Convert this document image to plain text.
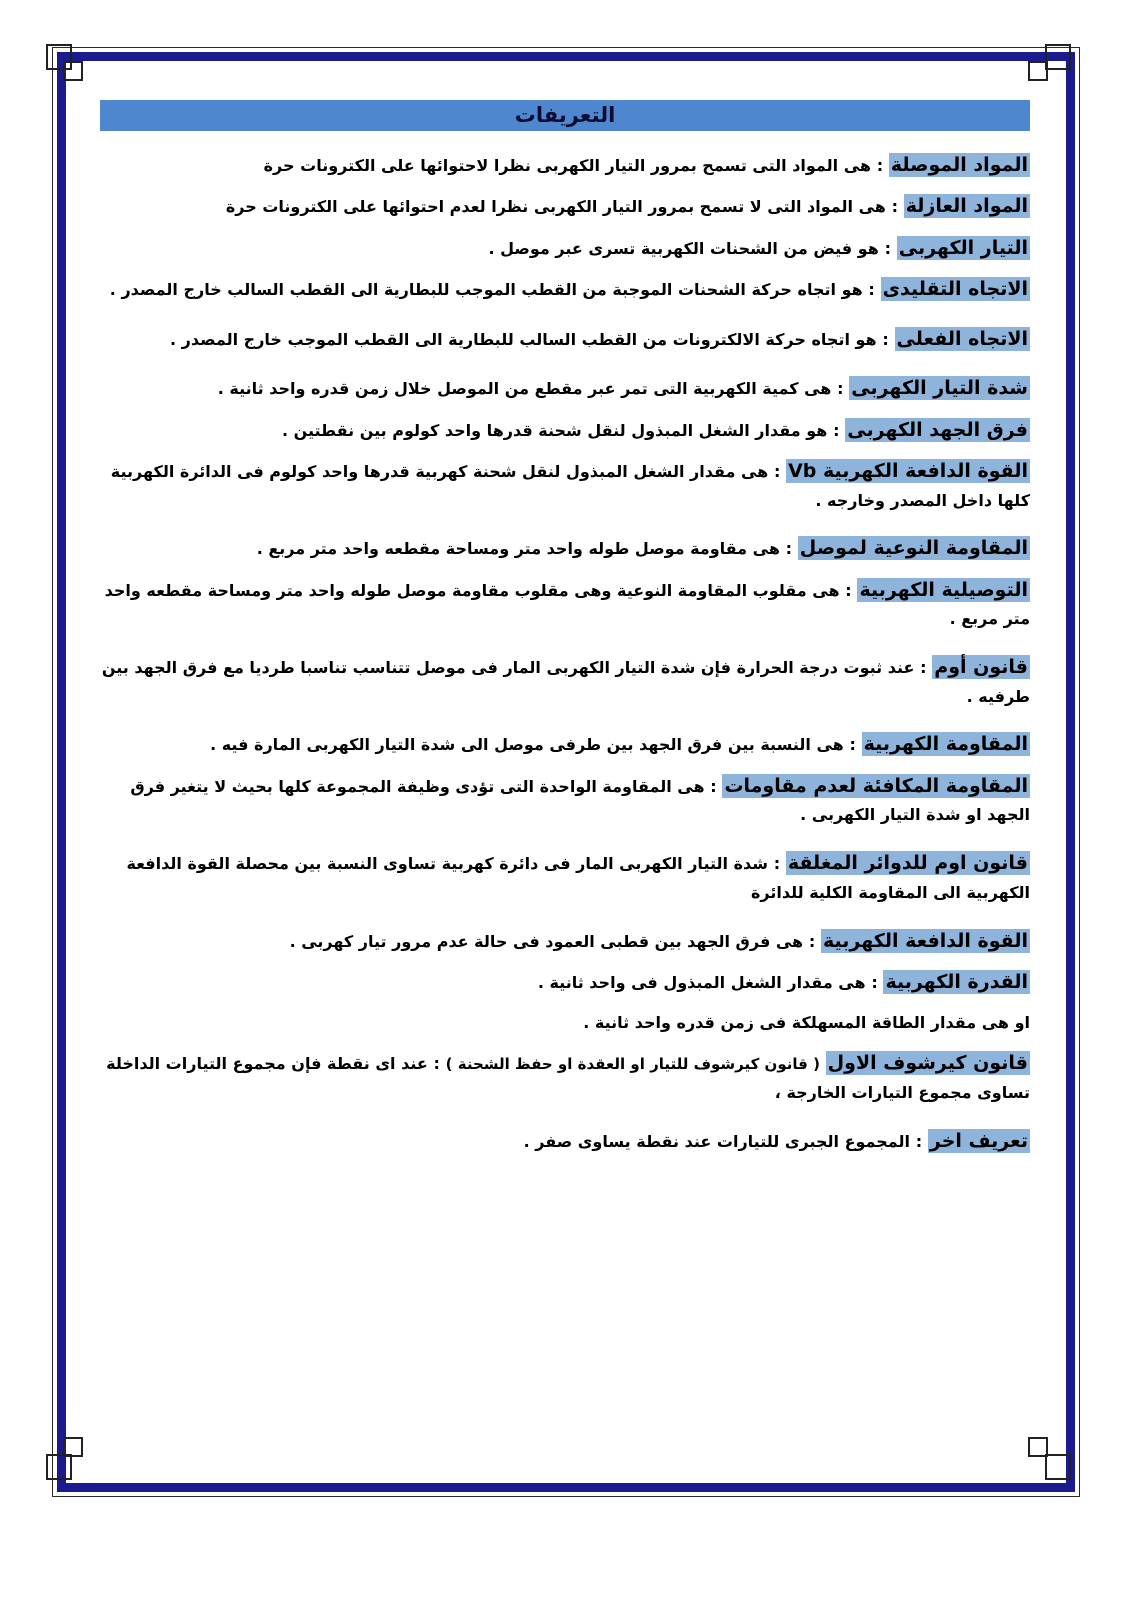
التعريفات
المواد الموصلة : هى المواد التى تسمح بمرور التيار الكهربى نظرا لاحتوائها على الكترونات حرة
المواد العازلة : هى المواد التى لا تسمح بمرور التيار الكهربى نظرا لعدم احتوائها على الكترونات حرة
التيار الكهربى : هو فيض من الشحنات الكهربية تسرى عبر موصل .
الاتجاه التقليدى : هو اتجاه حركة الشحنات الموجبة من القطب الموجب للبطارية الى القطب السالب خارج المصدر .
الاتجاه الفعلى : هو اتجاه حركة الالكترونات من القطب السالب للبطارية الى القطب الموجب خارج المصدر .
شدة التيار الكهربى : هى كمية الكهربية التى تمر عبر مقطع من الموصل خلال زمن قدره واحد ثانية .
فرق الجهد الكهربى : هو مقدار الشغل المبذول لنقل شحنة قدرها واحد كولوم بين نقطتين .
القوة الدافعة الكهربية Vb : هى مقدار الشغل المبذول لنقل شحنة كهربية قدرها واحد كولوم فى الدائرة الكهربية كلها داخل المصدر وخارجه .
المقاومة النوعية لموصل : هى مقاومة موصل طوله واحد متر ومساحة مقطعه واحد متر مربع .
التوصيلية الكهربية : هى مقلوب المقاومة النوعية وهى مقلوب مقاومة موصل طوله واحد متر ومساحة مقطعه واحد متر مربع .
قانون أوم : عند ثبوت درجة الحرارة فإن شدة التيار الكهربى المار فى موصل تتناسب تناسبا طرديا مع فرق الجهد بين طرفيه .
المقاومة الكهربية : هى النسبة بين فرق الجهد بين طرفى موصل الى شدة التيار الكهربى المارة فيه .
المقاومة المكافئة لعدم مقاومات : هى المقاومة الواحدة التى تؤدى وظيفة المجموعة كلها بحيث لا يتغير فرق الجهد او شدة التيار الكهربى .
قانون اوم للدوائر المغلقة : شدة التيار الكهربى المار فى دائرة كهربية تساوى النسبة بين محصلة القوة الدافعة الكهربية الى المقاومة الكلية للدائرة
القوة الدافعة الكهربية : هى فرق الجهد بين قطبى العمود فى حالة عدم مرور تيار كهربى .
القدرة الكهربية : هى مقدار الشغل المبذول فى واحد ثانية .
او هى مقدار الطاقة المسهلكة فى زمن قدره واحد ثانية .
قانون كيرشوف الاول ( قانون كيرشوف للتيار او العقدة او حفظ الشحنة ) : عند اى نقطة فإن مجموع التيارات الداخلة تساوى مجموع التيارات الخارجة ،
تعريف اخر : المجموع الجبرى للتيارات عند نقطة يساوى صفر .
